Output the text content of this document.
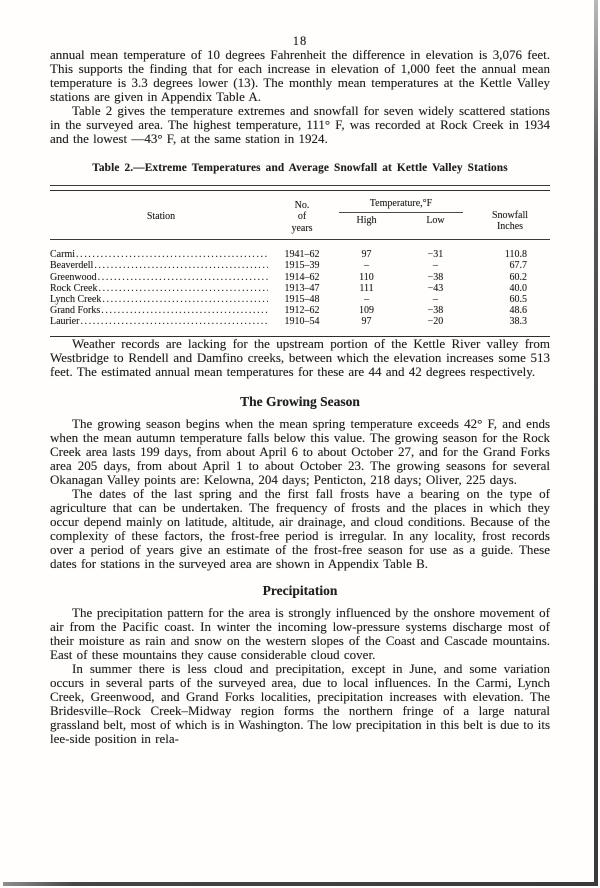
18

annual mean temperature of 10 degrees Fahrenheit the difference in elevation is 3,076 feet. This supports the finding that for each increase in elevation of 1,000 feet the annual mean temperature is 3.3 degrees lower (13). The monthly mean temperatures at the Kettle Valley stations are given in Appendix Table A.

Table 2 gives the temperature extremes and snowfall for seven widely scattered stations in the surveyed area. The highest temperature, 111° F, was recorded at Rock Creek in 1934 and the lowest —43° F, at the same station in 1924.

Table 2.—Extreme Temperatures and Average Snowfall at Kettle Valley Stations
Station
No.
of
years
Temperature,°F
High	Low	Snowfall
Inches
Carmi .....	1941–62	97	−31	110.8
Beaverdell .....	1915–39	–	–	67.7
Greenwood .....	1914–62	110	−38	60.2
Rock Creek .....	1913–47	111	−43	40.0
Lynch Creek .....	1915–48	–	–	60.5
Grand Forks .....	1912–62	109	−38	48.6
Laurier .....	1910–54	97	−20	38.3

Weather records are lacking for the upstream portion of the Kettle River valley from Westbridge to Rendell and Damfino creeks, between which the elevation increases some 513 feet. The estimated annual mean temperatures for these are 44 and 42 degrees respectively.

The Growing Season

The growing season begins when the mean spring temperature exceeds 42° F, and ends when the mean autumn temperature falls below this value. The growing season for the Rock Creek area lasts 199 days, from about April 6 to about October 27, and for the Grand Forks area 205 days, from about April 1 to about October 23. The growing seasons for several Okanagan Valley points are: Kelowna, 204 days; Penticton, 218 days; Oliver, 225 days.

The dates of the last spring and the first fall frosts have a bearing on the type of agriculture that can be undertaken. The frequency of frosts and the places in which they occur depend mainly on latitude, altitude, air drainage, and cloud conditions. Because of the complexity of these factors, the frost-free period is irregular. In any locality, frost records over a period of years give an estimate of the frost-free season for use as a guide. These dates for stations in the surveyed area are shown in Appendix Table B.

Precipitation

The precipitation pattern for the area is strongly influenced by the onshore movement of air from the Pacific coast. In winter the incoming low-pressure systems discharge most of their moisture as rain and snow on the western slopes of the Coast and Cascade mountains. East of these mountains they cause considerable cloud cover.

In summer there is less cloud and precipitation, except in June, and some variation occurs in several parts of the surveyed area, due to local influences. In the Carmi, Lynch Creek, Greenwood, and Grand Forks localities, precipitation increases with elevation. The Bridesville–Rock Creek–Midway region forms the northern fringe of a large natural grassland belt, most of which is in Washington. The low precipitation in this belt is due to its lee-side position in rela-
